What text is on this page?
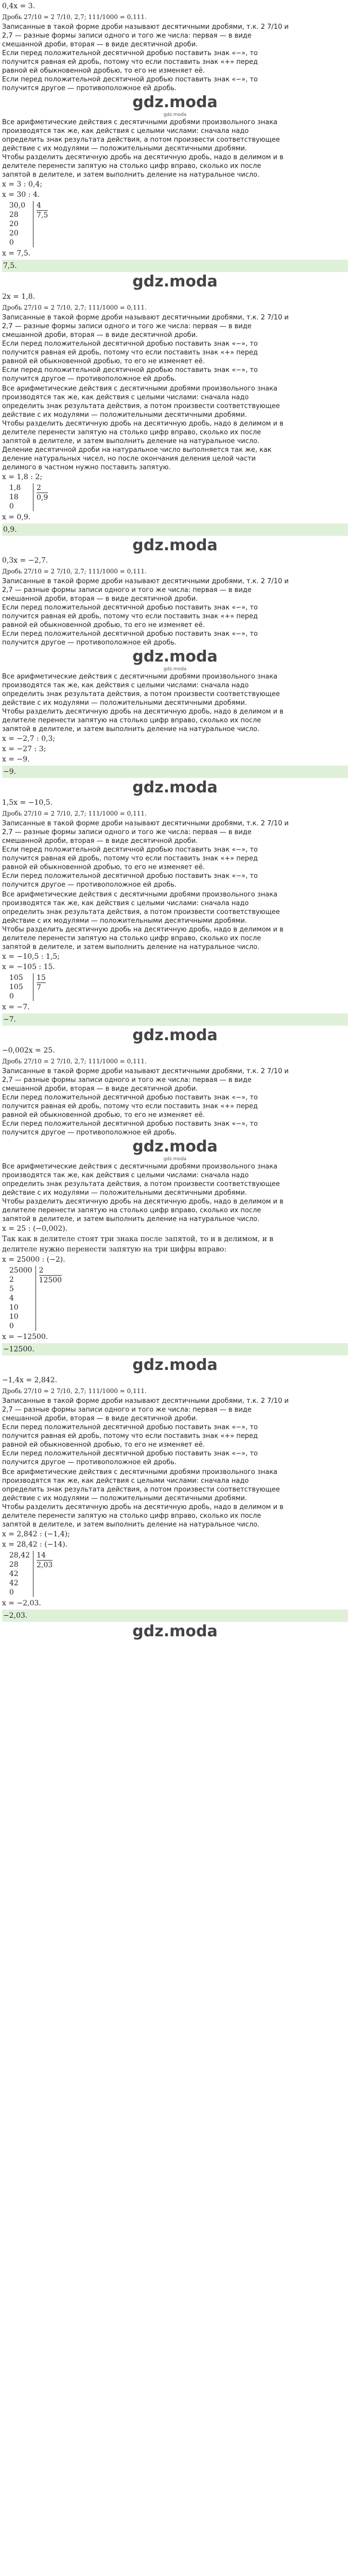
0,4x = 3.

Дробь 27/10 = 2 7/10, 2,7; 111/1000 = 0,111.

Записанные в такой форме дроби называют десятичными дробями, т.к. 2 7/10 и

2,7 — разные формы записи одного и того же числа: первая — в виде

смешанной дроби, вторая — в виде десятичной дроби.

Если перед положительной десятичной дробью поставить знак «−», то

получится равная ей дробь, потому что если поставить знак «+» перед

равной ей обыкновенной дробью, то его не изменяет её.

Если перед положительной десятичной дробью поставить знак «−», то

получится другое — противоположное ей дробь.

gdz.moda
gdz.moda

Все арифметические действия с десятичными дробями произвольного знака

производятся так же, как действия с целыми числами: сначала надо

определить знак результата действия, а потом произвести соответствующее

действие с их модулями — положительными десятичными дробями.

Чтобы разделить десятичную дробь на десятичную дробь, надо в делимом и в

делителе перенести запятую на столько цифр вправо, сколько их после

запятой в делителе, и затем выполнить деление на натуральное число.

x = 3 : 0,4;

x = 30 : 4.

30,0
28
20
20
0
4
7,5

x = 7,5.

7,5.
gdz.moda

2x = 1,8.

Дробь 27/10 = 2 7/10, 2,7; 111/1000 = 0,111.

Записанные в такой форме дроби называют десятичными дробями, т.к. 2 7/10 и

2,7 — разные формы записи одного и того же числа: первая — в виде

смешанной дроби, вторая — в виде десятичной дроби.

Если перед положительной десятичной дробью поставить знак «−», то

получится равная ей дробь, потому что если поставить знак «+» перед

равной ей обыкновенной дробью, то его не изменяет её.

Если перед положительной десятичной дробью поставить знак «−», то

получится другое — противоположное ей дробь.

Все арифметические действия с десятичными дробями произвольного знака

производятся так же, как действия с целыми числами: сначала надо

определить знак результата действия, а потом произвести соответствующее

действие с их модулями — положительными десятичными дробями.

Чтобы разделить десятичную дробь на десятичную дробь, надо в делимом и в

делителе перенести запятую на столько цифр вправо, сколько их после

запятой в делителе, и затем выполнить деление на натуральное число.

Деление десятичной дроби на натуральное число выполняется так же, как

деление натуральных чисел, но после окончания деления целой части

делимого в частном нужно поставить запятую.

x = 1,8 : 2;

1,8
18
0
2
0,9

x = 0,9.

0,9.
gdz.moda

0,3x = −2,7.

Дробь 27/10 = 2 7/10, 2,7; 111/1000 = 0,111.

Записанные в такой форме дроби называют десятичными дробями, т.к. 2 7/10 и

2,7 — разные формы записи одного и того же числа: первая — в виде

смешанной дроби, вторая — в виде десятичной дроби.

Если перед положительной десятичной дробью поставить знак «−», то

получится равная ей дробь, потому что если поставить знак «+» перед

равной ей обыкновенной дробью, то его не изменяет её.

Если перед положительной десятичной дробью поставить знак «−», то

получится другое — противоположное ей дробь.

gdz.moda
gdz.moda

Все арифметические действия с десятичными дробями произвольного знака

производятся так же, как действия с целыми числами: сначала надо

определить знак результата действия, а потом произвести соответствующее

действие с их модулями — положительными десятичными дробями.

Чтобы разделить десятичную дробь на десятичную дробь, надо в делимом и в

делителе перенести запятую на столько цифр вправо, сколько их после

запятой в делителе, и затем выполнить деление на натуральное число.

x = −2,7 : 0,3;

x = −27 : 3;

x = −9.

−9.
gdz.moda

1,5x = −10,5.

Дробь 27/10 = 2 7/10, 2,7; 111/1000 = 0,111.

Записанные в такой форме дроби называют десятичными дробями, т.к. 2 7/10 и

2,7 — разные формы записи одного и того же числа: первая — в виде

смешанной дроби, вторая — в виде десятичной дроби.

Если перед положительной десятичной дробью поставить знак «−», то

получится равная ей дробь, потому что если поставить знак «+» перед

равной ей обыкновенной дробью, то его не изменяет её.

Если перед положительной десятичной дробью поставить знак «−», то

получится другое — противоположное ей дробь.

Все арифметические действия с десятичными дробями произвольного знака

производятся так же, как действия с целыми числами: сначала надо

определить знак результата действия, а потом произвести соответствующее

действие с их модулями — положительными десятичными дробями.

Чтобы разделить десятичную дробь на десятичную дробь, надо в делимом и в

делителе перенести запятую на столько цифр вправо, сколько их после

запятой в делителе, и затем выполнить деление на натуральное число.

x = −10,5 : 1,5;

x = −105 : 15.

105
105
0
15
7

x = −7.

−7.
gdz.moda

−0,002x = 25.

Дробь 27/10 = 2 7/10, 2,7; 111/1000 = 0,111.

Записанные в такой форме дроби называют десятичными дробями, т.к. 2 7/10 и

2,7 — разные формы записи одного и того же числа: первая — в виде

смешанной дроби, вторая — в виде десятичной дроби.

Если перед положительной десятичной дробью поставить знак «−», то

получится равная ей дробь, потому что если поставить знак «+» перед

равной ей обыкновенной дробью, то его не изменяет её.

Если перед положительной десятичной дробью поставить знак «−», то

получится другое — противоположное ей дробь.

gdz.moda
gdz.moda

Все арифметические действия с десятичными дробями произвольного знака

производятся так же, как действия с целыми числами: сначала надо

определить знак результата действия, а потом произвести соответствующее

действие с их модулями — положительными десятичными дробями.

Чтобы разделить десятичную дробь на десятичную дробь, надо в делимом и в

делителе перенести запятую на столько цифр вправо, сколько их после

запятой в делителе, и затем выполнить деление на натуральное число.

x = 25 : (−0,002).

Так как в делителе стоят три знака после запятой, то и в делимом, и в

делителе нужно перенести запятую на три цифры вправо:

x = 25000 : (−2).

25000
2
5
4
10
10
0
2
12500

x = −12500.

−12500.
gdz.moda

−1,4x = 2,842.

Дробь 27/10 = 2 7/10, 2,7; 111/1000 = 0,111.

Записанные в такой форме дроби называют десятичными дробями, т.к. 2 7/10 и

2,7 — разные формы записи одного и того же числа: первая — в виде

смешанной дроби, вторая — в виде десятичной дроби.

Если перед положительной десятичной дробью поставить знак «−», то

получится равная ей дробь, потому что если поставить знак «+» перед

равной ей обыкновенной дробью, то его не изменяет её.

Если перед положительной десятичной дробью поставить знак «−», то

получится другое — противоположное ей дробь.

Все арифметические действия с десятичными дробями произвольного знака

производятся так же, как действия с целыми числами: сначала надо

определить знак результата действия, а потом произвести соответствующее

действие с их модулями — положительными десятичными дробями.

Чтобы разделить десятичную дробь на десятичную дробь, надо в делимом и в

делителе перенести запятую на столько цифр вправо, сколько их после

запятой в делителе, и затем выполнить деление на натуральное число.

x = 2,842 : (−1,4);

x = 28,42 : (−14).

28,42
28
42
42
0
14
2,03

x = −2,03.

−2,03.
gdz.moda
